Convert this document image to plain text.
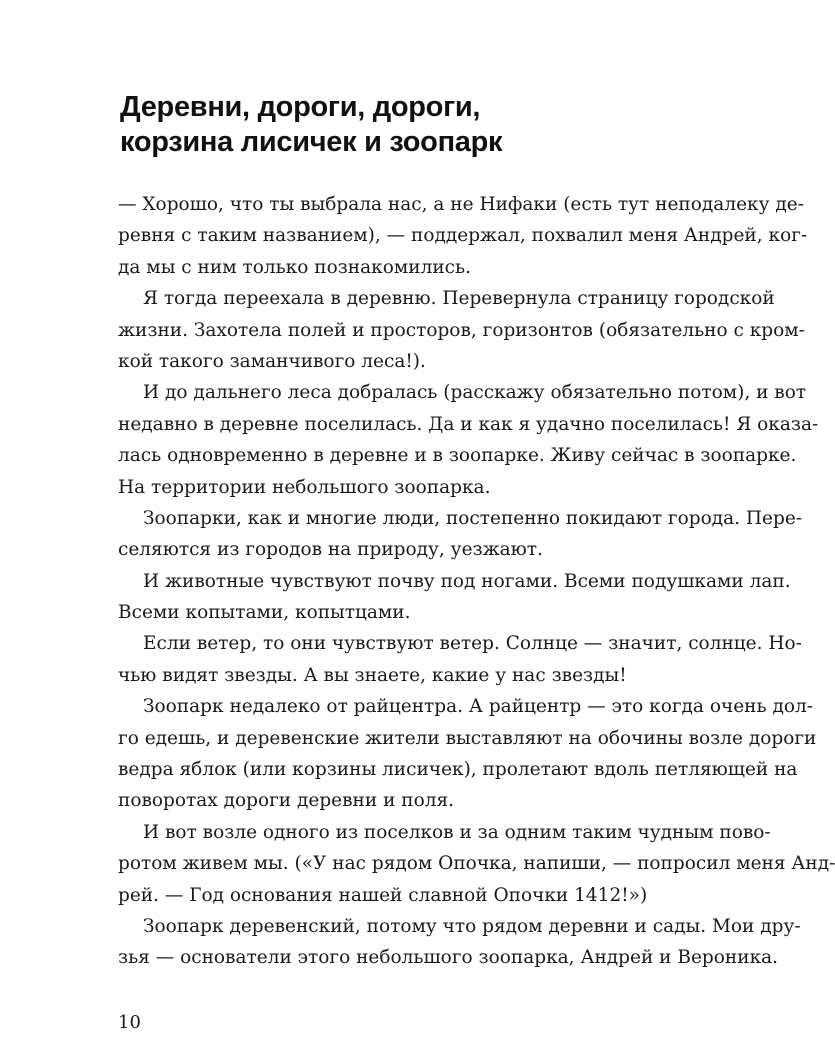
Деревни, дороги, дороги,
корзина лисичек и зоопарк
— Хорошо, что ты выбрала нас, а не Нифаки (есть тут неподалеку де-
ревня с таким названием), — поддержал, похвалил меня Андрей, ког-
да мы с ним только познакомились.
Я тогда переехала в деревню. Перевернула страницу городской
жизни. Захотела полей и просторов, горизонтов (обязательно с кром-
кой такого заманчивого леса!).
И до дальнего леса добралась (расскажу обязательно потом), и вот
недавно в деревне поселилась. Да и как я удачно поселилась! Я оказа-
лась одновременно в деревне и в зоопарке. Живу сейчас в зоопарке.
На территории небольшого зоопарка.
Зоопарки, как и многие люди, постепенно покидают города. Пере-
селяются из городов на природу, уезжают.
И животные чувствуют почву под ногами. Всеми подушками лап.
Всеми копытами, копытцами.
Если ветер, то они чувствуют ветер. Солнце — значит, солнце. Но-
чью видят звезды. А вы знаете, какие у нас звезды!
Зоопарк недалеко от райцентра. А райцентр — это когда очень дол-
го едешь, и деревенские жители выставляют на обочины возле дороги
ведра яблок (или корзины лисичек), пролетают вдоль петляющей на
поворотах дороги деревни и поля.
И вот возле одного из поселков и за одним таким чудным пово-
ротом живем мы. («У нас рядом Опочка, напиши, — попросил меня Анд-
рей. — Год основания нашей славной Опочки 1412!»)
Зоопарк деревенский, потому что рядом деревни и сады. Мои дру-
зья — основатели этого небольшого зоопарка, Андрей и Вероника.
10
